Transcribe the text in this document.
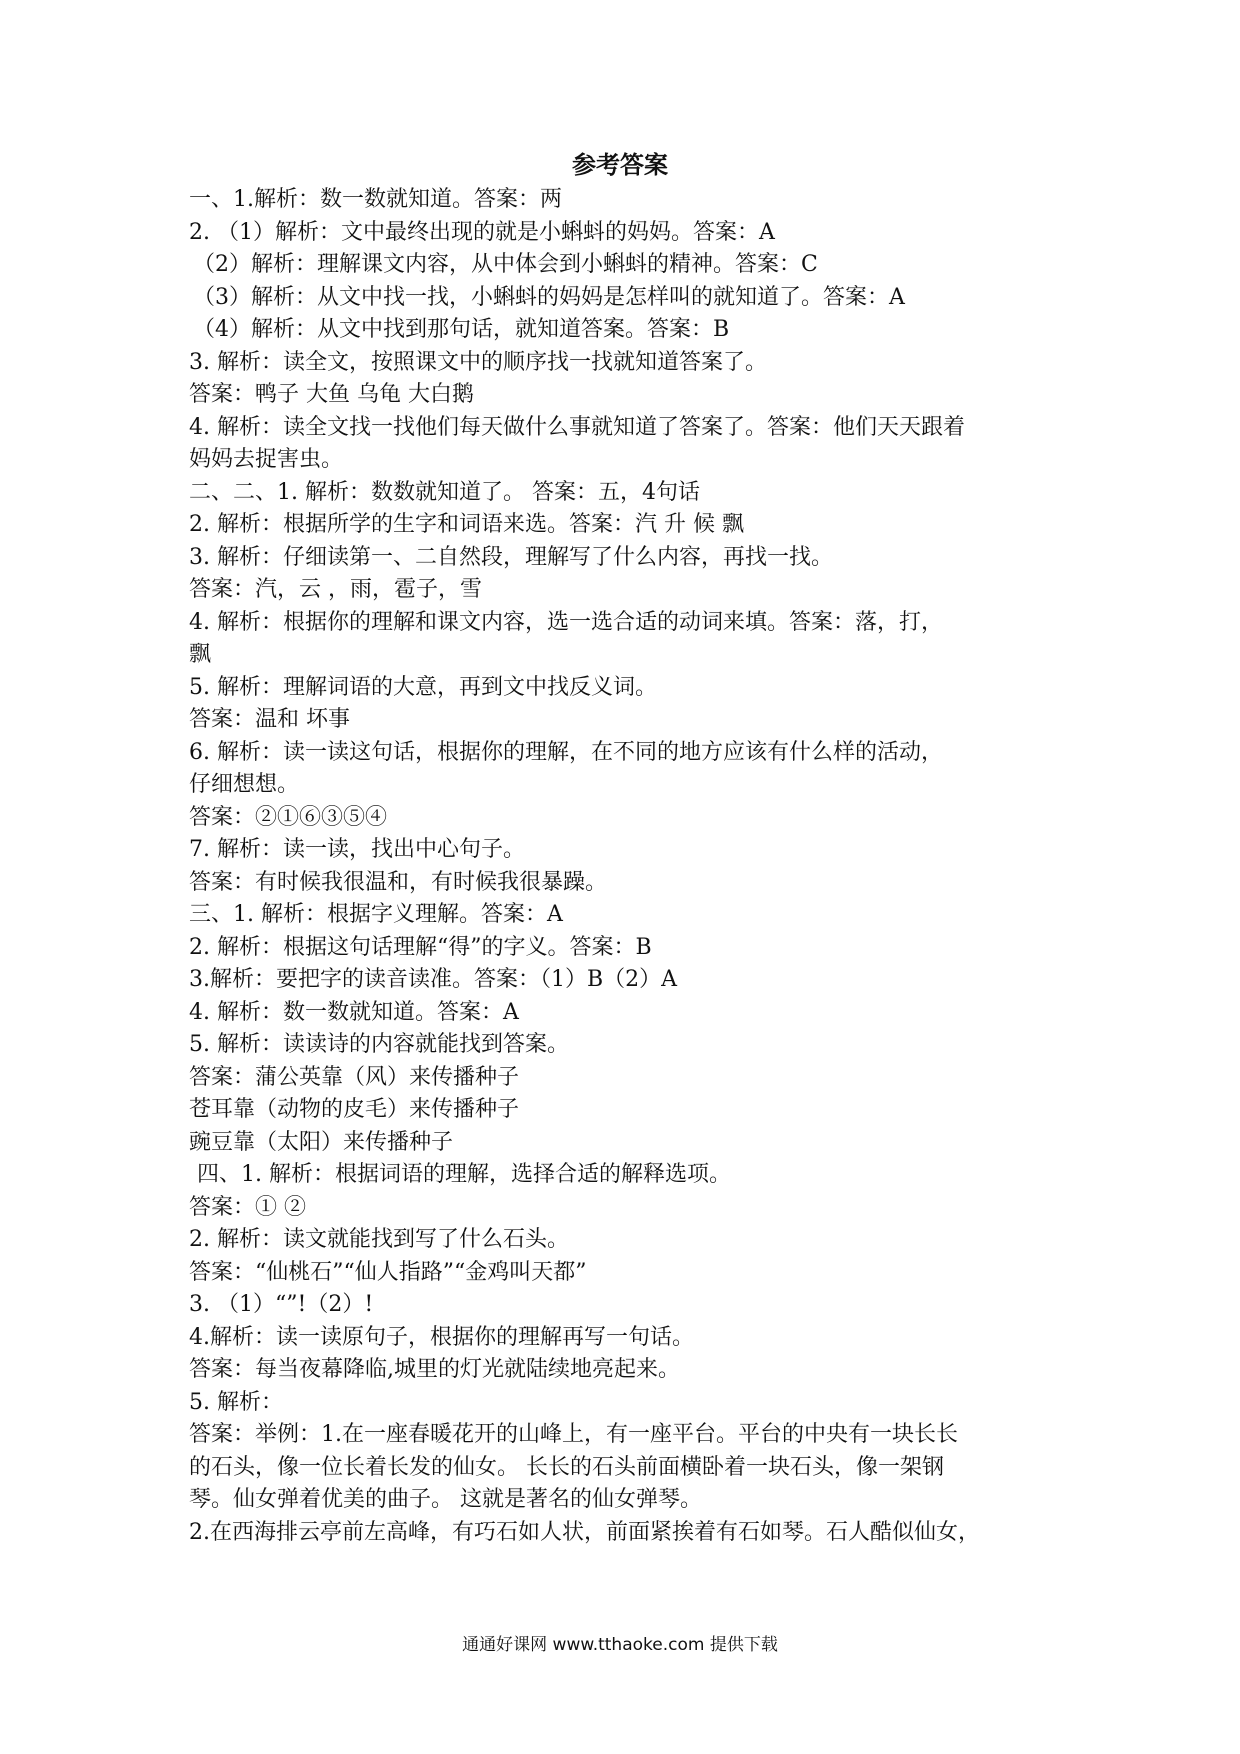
参考答案
一、1.解析：数一数就知道。答案：两
2. （1）解析：文中最终出现的就是小蝌蚪的妈妈。答案：A
（2）解析：理解课文内容，从中体会到小蝌蚪的精神。答案：C
（3）解析：从文中找一找，小蝌蚪的妈妈是怎样叫的就知道了。答案：A
（4）解析：从文中找到那句话，就知道答案。答案：B
3. 解析：读全文，按照课文中的顺序找一找就知道答案了。
答案：鸭子 大鱼 乌龟 大白鹅
4. 解析：读全文找一找他们每天做什么事就知道了答案了。答案：他们天天跟着
妈妈去捉害虫。
二、二、1. 解析：数数就知道了。 答案：五，4句话
2. 解析：根据所学的生字和词语来选。答案：汽 升 候 飘
3. 解析：仔细读第一、二自然段，理解写了什么内容，再找一找。
答案：汽，云 ，雨，雹子，雪
4. 解析：根据你的理解和课文内容，选一选合适的动词来填。答案：落，打，
飘
5. 解析：理解词语的大意，再到文中找反义词。
答案：温和 坏事
6. 解析：读一读这句话，根据你的理解，在不同的地方应该有什么样的活动，
仔细想想。
答案：②①⑥③⑤④
7. 解析：读一读，找出中心句子。
答案：有时候我很温和，有时候我很暴躁。
三、1. 解析：根据字义理解。答案：A
2. 解析：根据这句话理解“得”的字义。答案：B
3.解析：要把字的读音读准。答案：（1）B（2）A
4. 解析：数一数就知道。答案：A
5. 解析：读读诗的内容就能找到答案。
答案：蒲公英靠（风）来传播种子
苍耳靠（动物的皮毛）来传播种子
豌豆靠（太阳）来传播种子
四、1. 解析：根据词语的理解，选择合适的解释选项。
答案：① ②
2. 解析：读文就能找到写了什么石头。
答案：“仙桃石”“仙人指路”“金鸡叫天都”
3. （1）“”!（2）!
4.解析：读一读原句子，根据你的理解再写一句话。
答案：每当夜幕降临,城里的灯光就陆续地亮起来。
5. 解析：
答案：举例：1.在一座春暖花开的山峰上，有一座平台。平台的中央有一块长长
的石头，像一位长着长发的仙女。 长长的石头前面横卧着一块石头，像一架钢
琴。仙女弹着优美的曲子。 这就是著名的仙女弹琴。
2.在西海排云亭前左高峰，有巧石如人状，前面紧挨着有石如琴。石人酷似仙女，
通通好课网 www.tthaoke.com 提供下载
